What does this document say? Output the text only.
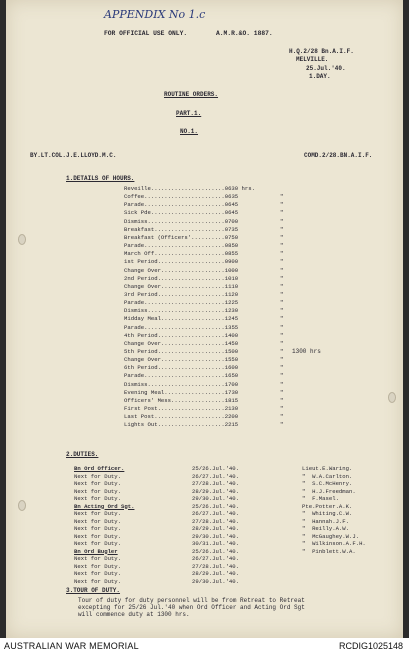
APPENDIX No 1.c
FOR OFFICIAL USE ONLY.	A.M.R.&O. 1887.
H.Q.2/28 Bn.A.I.F.
MELVILLE.
25.Jul.'40.
1.DAY.
ROUTINE ORDERS.
PART.1.
NO.1.
BY.LT.COL.J.E.LLOYD.M.C.	COMD.2/28.BN.A.I.F.
1.DETAILS OF HOURS.
Reveille......................0630 hrs.
Coffee........................0635	"
Parade........................0645	"
Sick Pde......................0645	"
Dismiss.......................0700	"
Breakfast.....................0735	"
Breakfast (Officers'..........0750	"
Parade........................0850	"
March Off.....................0855	"
1st Period....................0900	"
Change Over...................1000	"
2nd Period....................1010	"
Change Over...................1110	"
3rd Period....................1120	"
Parade........................1225	"
Dismiss.......................1230	"
Midday Meal...................1245	"
Parade........................1355	"
4th Period....................1400	"
Change Over...................1450	"
5th Period....................1500	"
Change Over...................1550	"
6th Period....................1600	"
Parade........................1650	"
Dismiss.......................1700	"
Evening Meal..................1730	"
Officers' Mess................1815	"
First Post....................2130	"
Last Post.....................2200	"
Lights Out....................2215	"
1300 hrs
2.DUTIES.
Bn Ord Officer.	25/26.Jul.'40.	Lieut.E.Waring.
Next for Duty.	26/27.Jul.'40.	"  W.A.Carlton.
Next for Duty.	27/28.Jul.'40.	"  S.C.McHenry.
Next for Duty.	28/29.Jul.'40.	"  H.J.Freedman.
Next for Duty.	29/30.Jul.'40.	"  F.Masel.
Bn Acting Ord Sgt.	25/26.Jul.'40.	Pte.Potter.A.K.
Next for Duty.	26/27.Jul.'40.	"  Whiting.C.W.
Next for Duty.	27/28.Jul.'40.	"  Hannah.J.F.
Next for Duty.	28/29.Jul.'40.	"  Reilly.A.W.
Next for Duty.	29/30.Jul.'40.	"  McGaughey.W.J.
Next for Duty.	30/31.Jul.'40.	"  Wilkinson.A.F.H.
Bn Ord Bugler	25/26.Jul.'40.	"  Pinblett.W.A.
Next for Duty.	26/27.Jul.'40.
Next for Duty.	27/28.Jul.'40.
Next for Duty.	28/29.Jul.'40.
Next for Duty.	29/30.Jul.'40.
3.TOUR OF DUTY.
Tour of duty for duty personnel will be from Retreat to Retreat
excepting for 25/26 Jul.'40 when Ord Officer and Acting Ord Sgt
will commence duty at 1300 hrs.
AUSTRALIAN WAR MEMORIAL	RCDIG1025148
